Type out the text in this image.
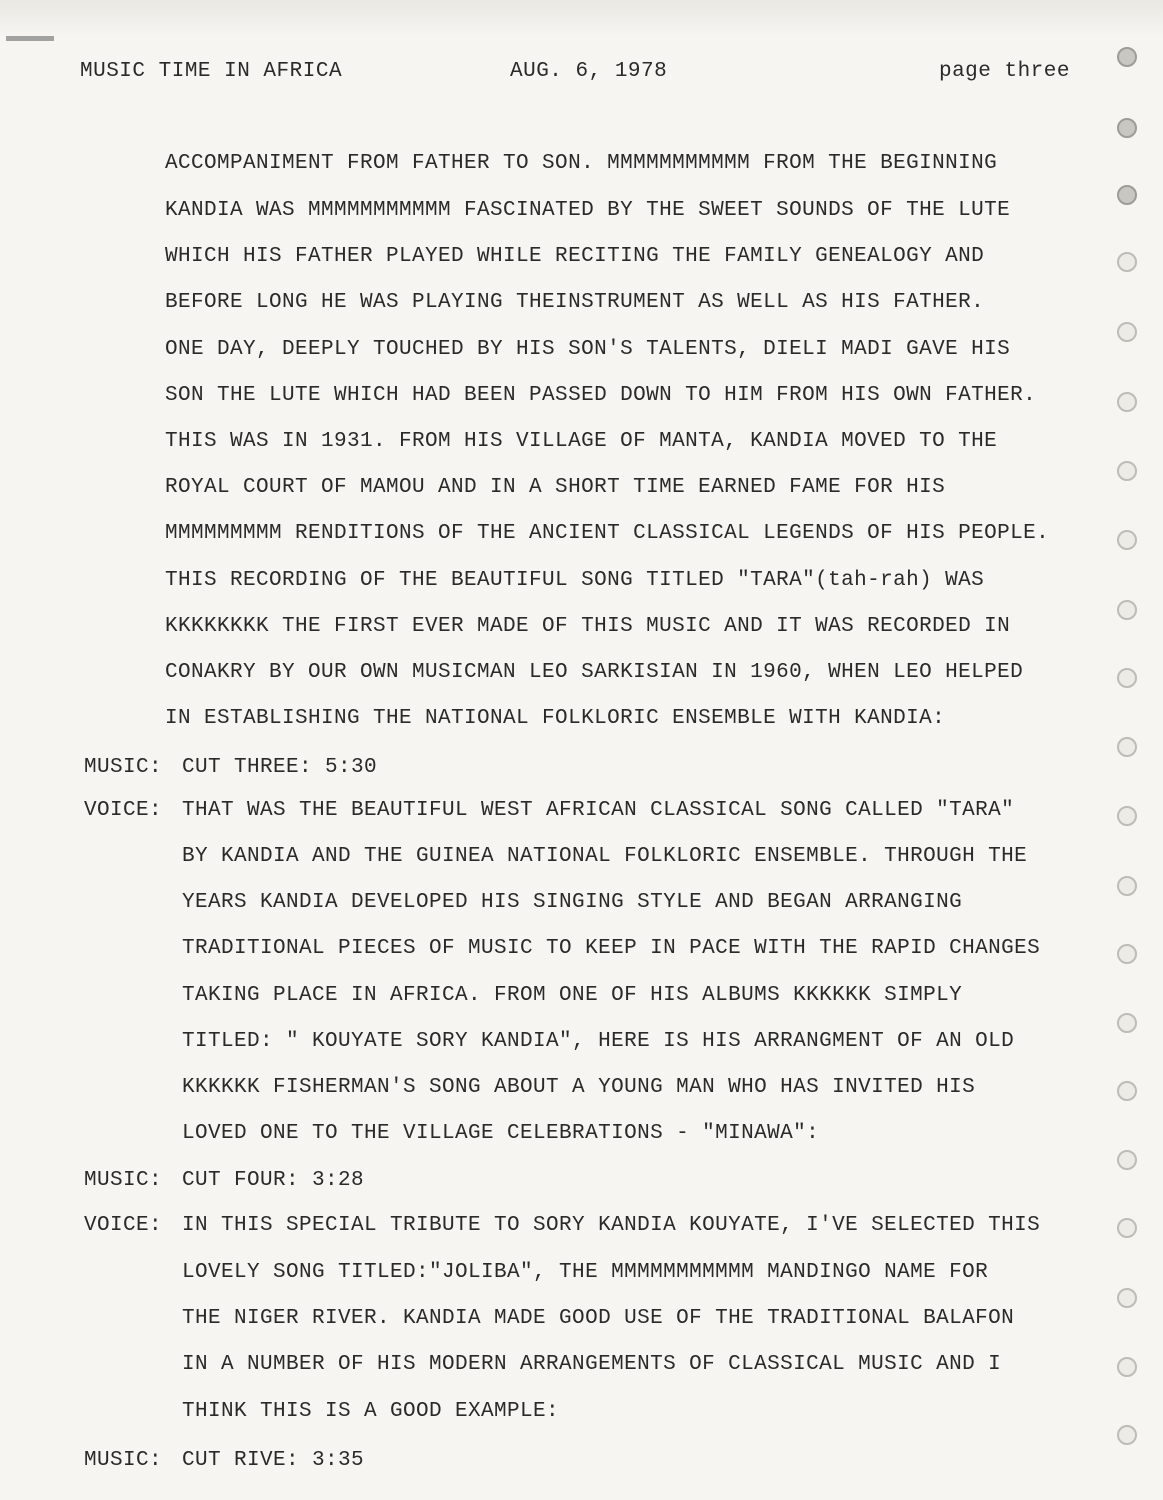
MUSIC TIME IN AFRICA	AUG. 6, 1978	page three
ACCOMPANIMENT FROM FATHER TO SON. MMMMMMMMMMM FROM THE BEGINNING
KANDIA WAS MMMMMMMMMMM FASCINATED BY THE SWEET SOUNDS OF THE LUTE
WHICH HIS FATHER PLAYED WHILE RECITING THE FAMILY GENEALOGY AND
BEFORE LONG HE WAS PLAYING THEINSTRUMENT AS WELL AS HIS FATHER.
ONE DAY, DEEPLY TOUCHED BY HIS SON'S TALENTS, DIELI MADI GAVE HIS
SON THE LUTE WHICH HAD BEEN PASSED DOWN TO HIM FROM HIS OWN FATHER.
THIS WAS IN 1931. FROM HIS VILLAGE OF MANTA, KANDIA MOVED TO THE
ROYAL COURT OF MAMOU AND IN A SHORT TIME EARNED FAME FOR HIS
MMMMMMMMM RENDITIONS OF THE ANCIENT CLASSICAL LEGENDS OF HIS PEOPLE.
THIS RECORDING OF THE BEAUTIFUL SONG TITLED "TARA"(tah-rah) WAS
KKKKKKKK THE FIRST EVER MADE OF THIS MUSIC AND IT WAS RECORDED IN
CONAKRY BY OUR OWN MUSICMAN LEO SARKISIAN IN 1960, WHEN LEO HELPED
IN ESTABLISHING THE NATIONAL FOLKLORIC ENSEMBLE WITH KANDIA:
MUSIC: CUT THREE: 5:30
VOICE: THAT WAS THE BEAUTIFUL WEST AFRICAN CLASSICAL SONG CALLED "TARA"
BY KANDIA AND THE GUINEA NATIONAL FOLKLORIC ENSEMBLE. THROUGH THE
YEARS KANDIA DEVELOPED HIS SINGING STYLE AND BEGAN ARRANGING
TRADITIONAL PIECES OF MUSIC TO KEEP IN PACE WITH THE RAPID CHANGES
TAKING PLACE IN AFRICA. FROM ONE OF HIS ALBUMS KKKKKK SIMPLY
TITLED: " KOUYATE SORY KANDIA", HERE IS HIS ARRANGMENT OF AN OLD
KKKKKK FISHERMAN'S SONG ABOUT A YOUNG MAN WHO HAS INVITED HIS
LOVED ONE TO THE VILLAGE CELEBRATIONS - "MINAWA":
MUSIC: CUT FOUR: 3:28
VOICE: IN THIS SPECIAL TRIBUTE TO SORY KANDIA KOUYATE, I'VE SELECTED THIS
LOVELY SONG TITLED:"JOLIBA", THE MMMMMMMMMMM MANDINGO NAME FOR
THE NIGER RIVER. KANDIA MADE GOOD USE OF THE TRADITIONAL BALAFON
IN A NUMBER OF HIS MODERN ARRANGEMENTS OF CLASSICAL MUSIC AND I
THINK THIS IS A GOOD EXAMPLE:
MUSIC: CUT RIVE: 3:35
